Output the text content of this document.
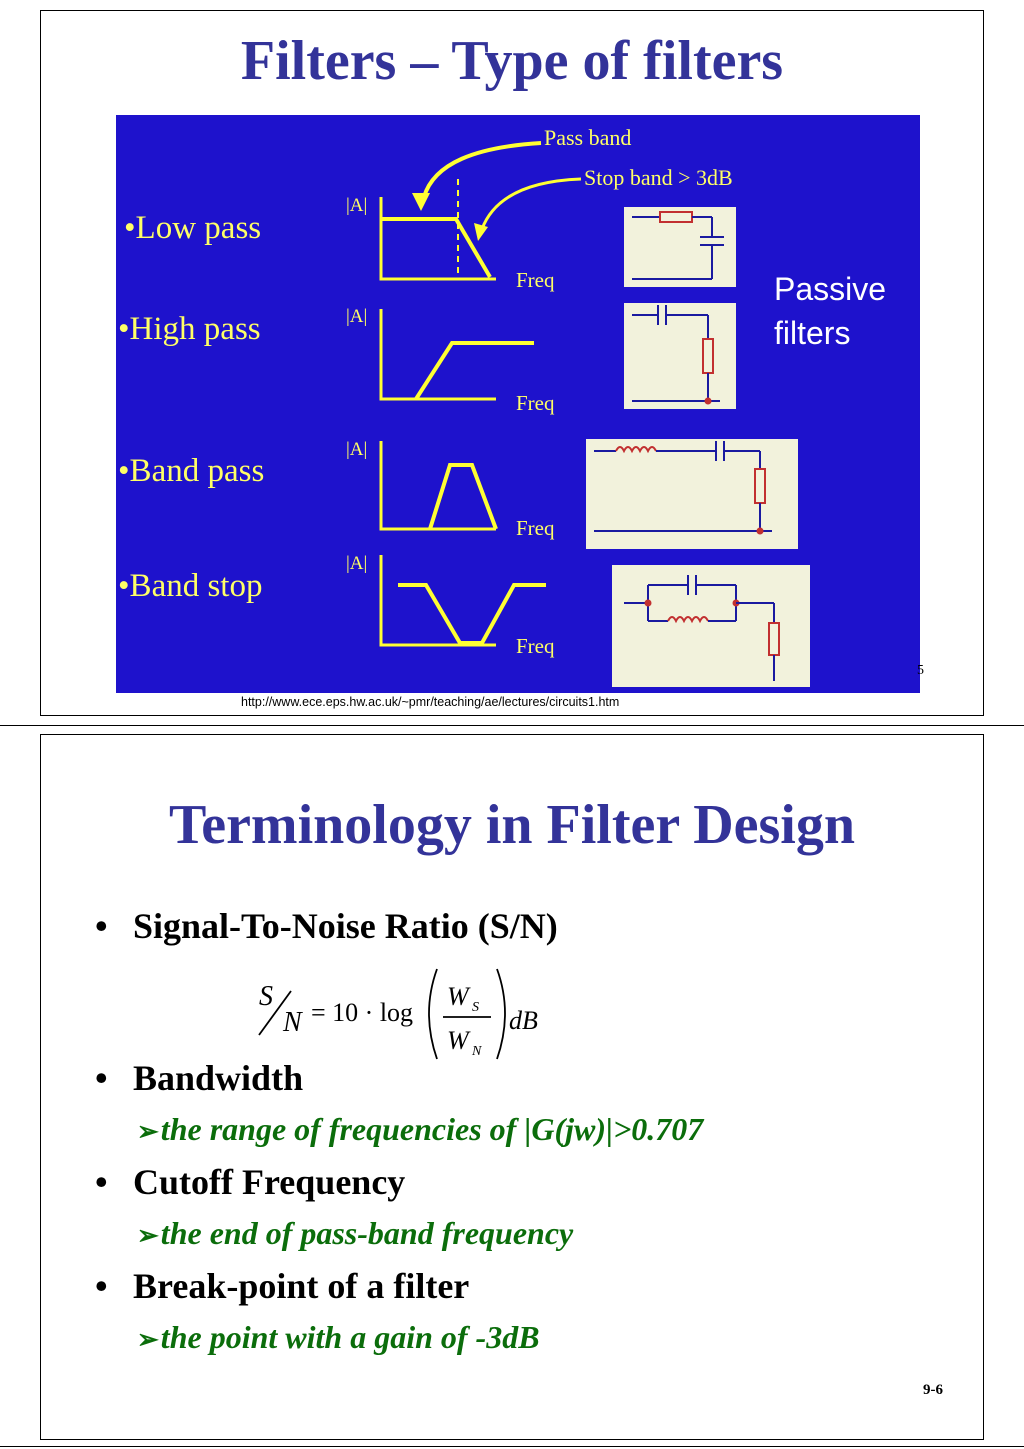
Filters – Type of filters
•Low pass
•High pass
•Band pass
•Band stop
Pass band
Stop band > 3dB
|A|
Freq
|A|
Freq
|A|
Freq
|A|
Freq
Passive filters
5
http://www.ece.eps.hw.ac.uk/~pmr/teaching/ae/lectures/circuits1.htm
Terminology in Filter Design
• Signal-To-Noise Ratio (S/N)
S
N = 10 · log
W S
W N
dB
• Bandwidth
➢the range of frequencies of |G(jw)|>0.707
• Cutoff Frequency
➢the end of pass-band frequency
• Break-point of a filter
➢the point with a gain of -3dB
9-6
